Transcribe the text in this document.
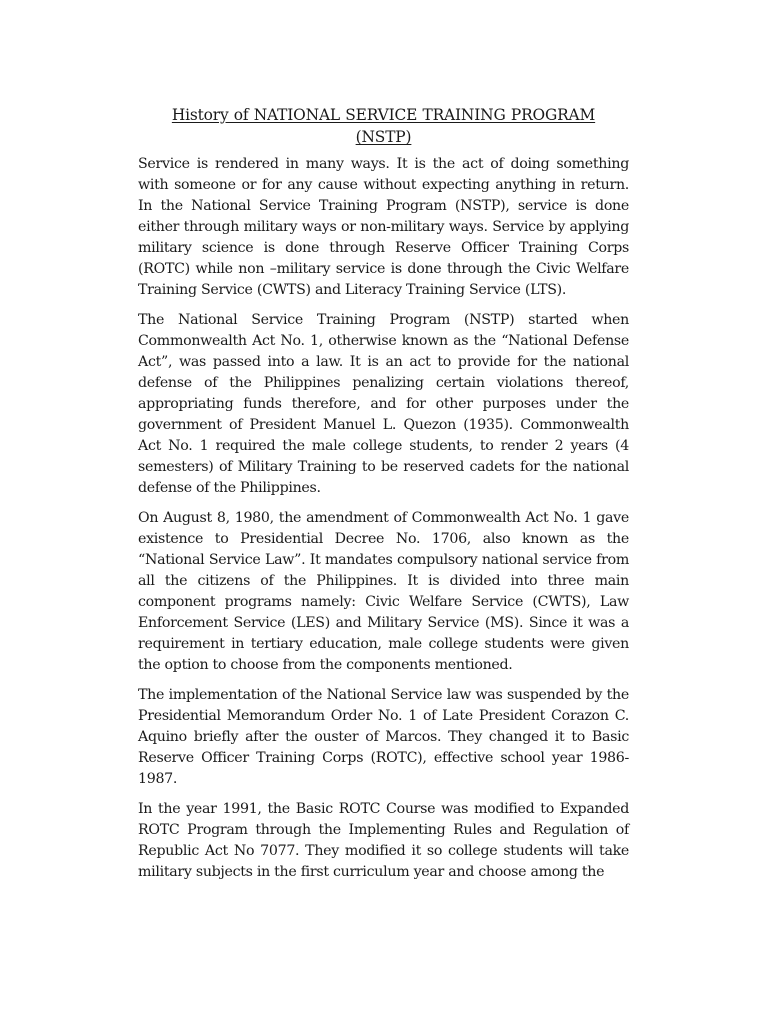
History of NATIONAL SERVICE TRAINING PROGRAM
(NSTP)

Service is rendered in many ways. It is the act of doing something with someone or for any cause without expecting anything in return. In the National Service Training Program (NSTP), service is done either through military ways or non-military ways. Service by applying military science is done through Reserve Officer Training Corps (ROTC) while non –military service is done through the Civic Welfare Training Service (CWTS) and Literacy Training Service (LTS).

The National Service Training Program (NSTP) started when Commonwealth Act No. 1, otherwise known as the “National Defense Act”, was passed into a law. It is an act to provide for the national defense of the Philippines penalizing certain violations thereof, appropriating funds therefore, and for other purposes under the government of President Manuel L. Quezon (1935). Commonwealth Act No. 1 required the male college students, to render 2 years (4 semesters) of Military Training to be reserved cadets for the national defense of the Philippines.

On August 8, 1980, the amendment of Commonwealth Act No. 1 gave existence to Presidential Decree No. 1706, also known as the “National Service Law”. It mandates compulsory national service from all the citizens of the Philippines. It is divided into three main component programs namely: Civic Welfare Service (CWTS), Law Enforcement Service (LES) and Military Service (MS). Since it was a requirement in tertiary education, male college students were given the option to choose from the components mentioned.

The implementation of the National Service law was suspended by the Presidential Memorandum Order No. 1 of Late President Corazon C. Aquino briefly after the ouster of Marcos. They changed it to Basic Reserve Officer Training Corps (ROTC), effective school year 1986-1987.

In the year 1991, the Basic ROTC Course was modified to Expanded ROTC Program through the Implementing Rules and Regulation of Republic Act No 7077. They modified it so college students will take military subjects in the first curriculum year and choose among the
